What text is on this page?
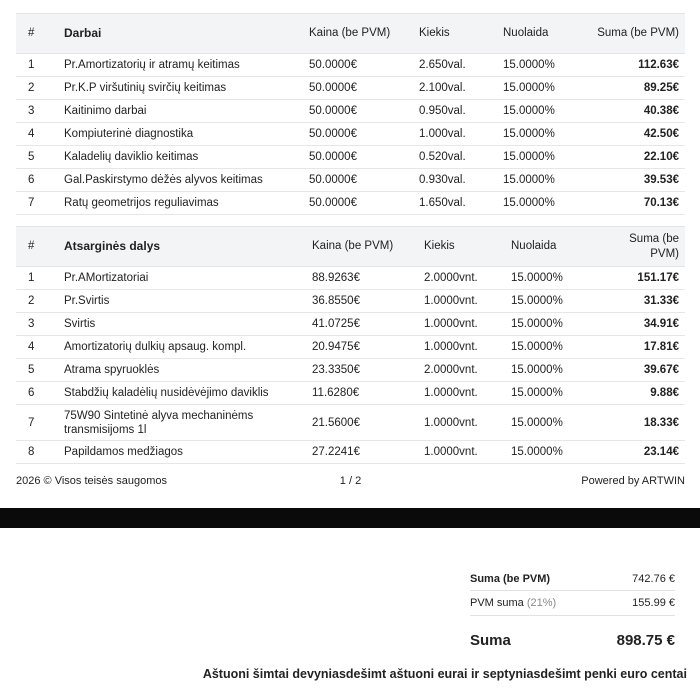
#	Darbai	Kaina (be PVM)	Kiekis	Nuolaida	Suma (be PVM)
1	Pr.Amortizatorių ir atramų keitimas	50.0000€	2.650val.	15.0000%	112.63€
2	Pr.K.P viršutinių svirčių keitimas	50.0000€	2.100val.	15.0000%	89.25€
3	Kaitinimo darbai	50.0000€	0.950val.	15.0000%	40.38€
4	Kompiuterinė diagnostika	50.0000€	1.000val.	15.0000%	42.50€
5	Kaladelių daviklio keitimas	50.0000€	0.520val.	15.0000%	22.10€
6	Gal.Paskirstymo dėžės alyvos keitimas	50.0000€	0.930val.	15.0000%	39.53€
7	Ratų geometrijos reguliavimas	50.0000€	1.650val.	15.0000%	70.13€
#	Atsarginės dalys	Kaina (be PVM)	Kiekis	Nuolaida	Suma (be PVM)
1	Pr.AMortizatoriai	88.9263€	2.0000vnt.	15.0000%	151.17€
2	Pr.Svirtis	36.8550€	1.0000vnt.	15.0000%	31.33€
3	Svirtis	41.0725€	1.0000vnt.	15.0000%	34.91€
4	Amortizatorių dulkių apsaug. kompl.	20.9475€	1.0000vnt.	15.0000%	17.81€
5	Atrama spyruoklės	23.3350€	2.0000vnt.	15.0000%	39.67€
6	Stabdžių kaladėlių nusidėvėjimo daviklis	11.6280€	1.0000vnt.	15.0000%	9.88€
7	75W90 Sintetinė alyva mechaninėms transmisijoms 1l	21.5600€	1.0000vnt.	15.0000%	18.33€
8	Papildamos medžiagos	27.2241€	1.0000vnt.	15.0000%	23.14€
2026 © Visos teisės saugomos	1 / 2	Powered by ARTWIN
Suma (be PVM)	742.76 €
PVM suma (21%)	155.99 €
Suma	898.75 €
Aštuoni šimtai devyniasdešimt aštuoni eurai ir septyniasdešimt penki euro centai
